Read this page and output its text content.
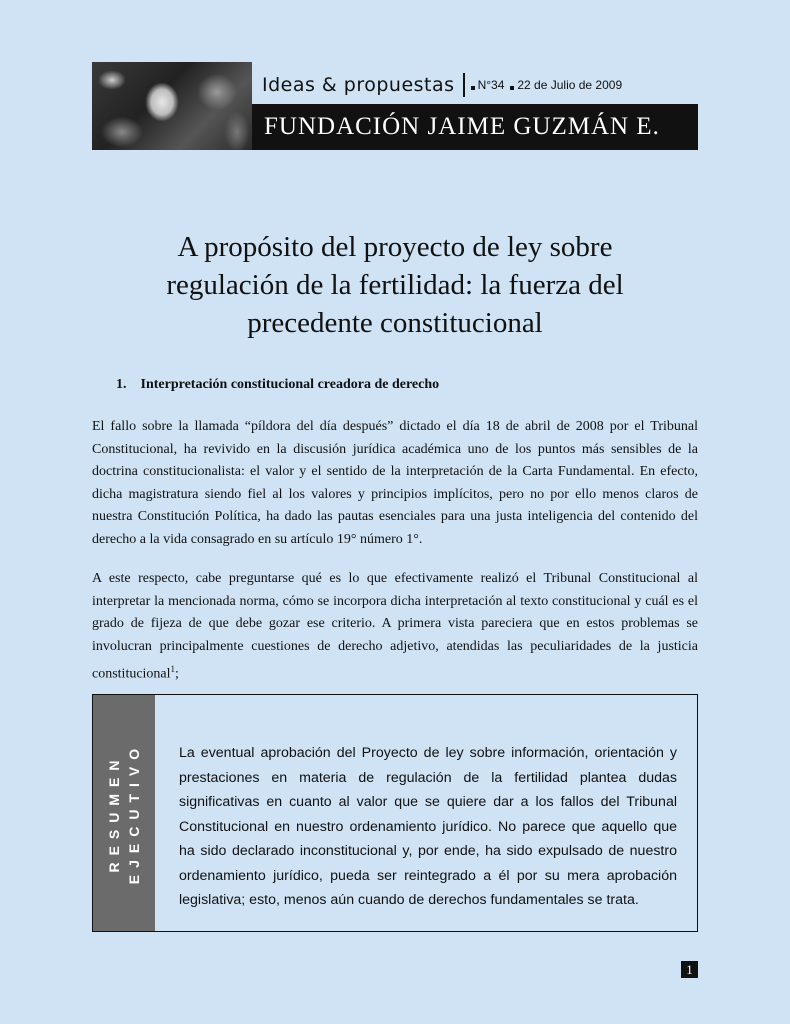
Ideas & propuestas N°34 22 de Julio de 2009
FUNDACIÓN JAIME GUZMÁN E.
A propósito del proyecto de ley sobre
regulación de la fertilidad: la fuerza del
precedente constitucional
1. Interpretación constitucional creadora de derecho

El fallo sobre la llamada “píldora del día después” dictado el día 18 de abril de 2008 por el Tribunal Constitucional, ha revivido en la discusión jurídica académica uno de los puntos más sensibles de la doctrina constitucionalista: el valor y el sentido de la interpretación de la Carta Fundamental. En efecto, dicha magistratura siendo fiel al los valores y principios implícitos, pero no por ello menos claros de nuestra Constitución Política, ha dado las pautas esenciales para una justa inteligencia del contenido del derecho a la vida consagrado en su artículo 19° número 1°.

A este respecto, cabe preguntarse qué es lo que efectivamente realizó el Tribunal Constitucional al interpretar la mencionada norma, cómo se incorpora dicha interpretación al texto constitucional y cuál es el grado de fijeza de que debe gozar ese criterio. A primera vista pareciera que en estos problemas se involucran principalmente cuestiones de derecho adjetivo, atendidas las peculiaridades de la justicia constitucional$^1$;

RESUMEN EJECUTIVO	La eventual aprobación del Proyecto de ley sobre información, orientación y prestaciones en materia de regulación de la fertilidad plantea dudas significativas en cuanto al valor que se quiere dar a los fallos del Tribunal Constitucional en nuestro ordenamiento jurídico. No parece que aquello que ha sido declarado inconstitucional y, por ende, ha sido expulsado de nuestro ordenamiento jurídico, pueda ser reintegrado a él por su mera aprobación legislativa; esto, menos aún cuando de derechos fundamentales se trata.
1
